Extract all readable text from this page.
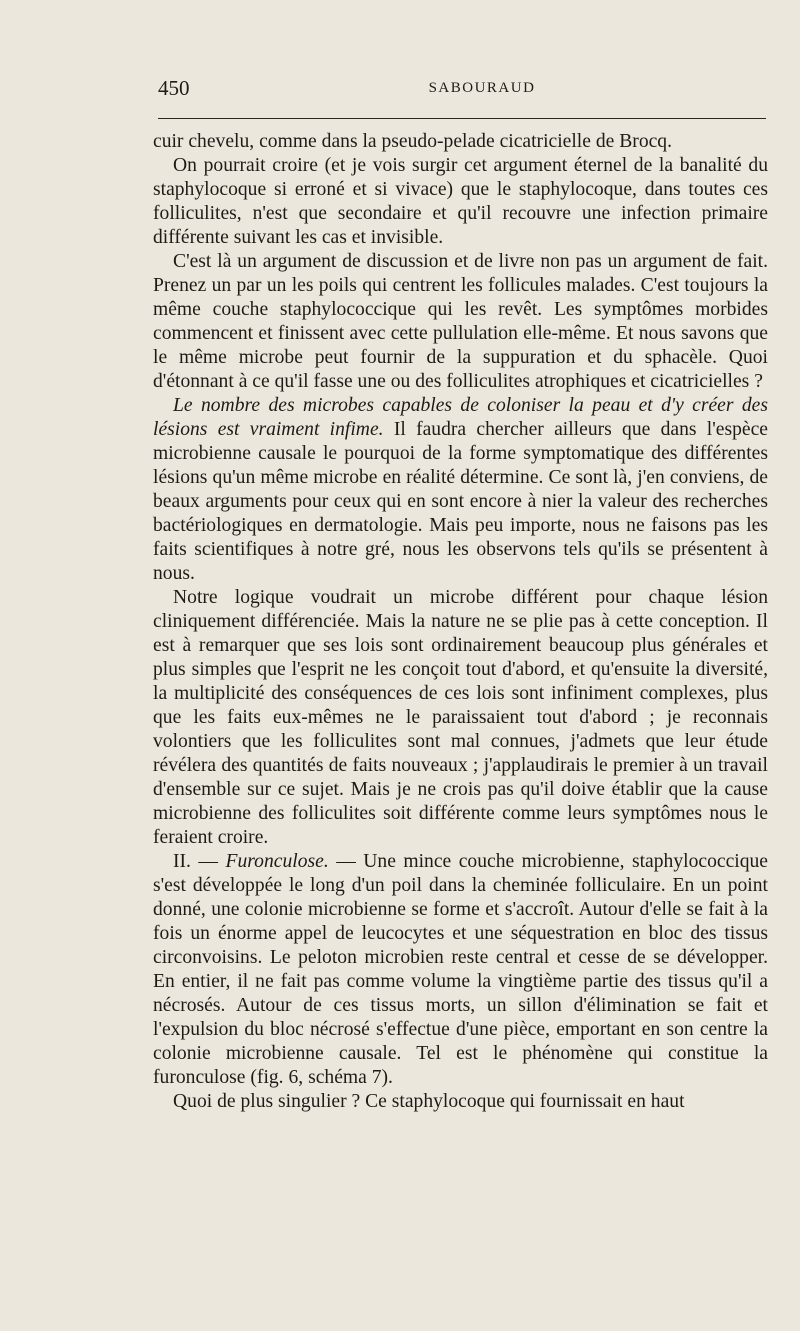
450	SABOURAUD

cuir chevelu, comme dans la pseudo-pelade cicatricielle de Brocq.

On pourrait croire (et je vois surgir cet argument éternel de la banalité du staphylocoque si erroné et si vivace) que le staphylocoque, dans toutes ces folliculites, n'est que secondaire et qu'il recouvre une infection primaire différente suivant les cas et invisible.

C'est là un argument de discussion et de livre non pas un argument de fait. Prenez un par un les poils qui centrent les follicules malades. C'est toujours la même couche staphylococcique qui les revêt. Les symptômes morbides commencent et finissent avec cette pullulation elle-même. Et nous savons que le même microbe peut fournir de la suppuration et du sphacèle. Quoi d'étonnant à ce qu'il fasse une ou des folliculites atrophiques et cicatricielles ?

Le nombre des microbes capables de coloniser la peau et d'y créer des lésions est vraiment infime. Il faudra chercher ailleurs que dans l'espèce microbienne causale le pourquoi de la forme symptomatique des différentes lésions qu'un même microbe en réalité détermine. Ce sont là, j'en conviens, de beaux arguments pour ceux qui en sont encore à nier la valeur des recherches bactériologiques en dermatologie. Mais peu importe, nous ne faisons pas les faits scientifiques à notre gré, nous les observons tels qu'ils se présentent à nous.

Notre logique voudrait un microbe différent pour chaque lésion cliniquement différenciée. Mais la nature ne se plie pas à cette conception. Il est à remarquer que ses lois sont ordinairement beaucoup plus générales et plus simples que l'esprit ne les conçoit tout d'abord, et qu'ensuite la diversité, la multiplicité des conséquences de ces lois sont infiniment complexes, plus que les faits eux-mêmes ne le paraissaient tout d'abord ; je reconnais volontiers que les folliculites sont mal connues, j'admets que leur étude révélera des quantités de faits nouveaux ; j'applaudirais le premier à un travail d'ensemble sur ce sujet. Mais je ne crois pas qu'il doive établir que la cause microbienne des folliculites soit différente comme leurs symptômes nous le feraient croire.

II. — Furonculose. — Une mince couche microbienne, staphylococcique s'est développée le long d'un poil dans la cheminée folliculaire. En un point donné, une colonie microbienne se forme et s'accroît. Autour d'elle se fait à la fois un énorme appel de leucocytes et une séquestration en bloc des tissus circonvoisins. Le peloton microbien reste central et cesse de se développer. En entier, il ne fait pas comme volume la vingtième partie des tissus qu'il a nécrosés. Autour de ces tissus morts, un sillon d'élimination se fait et l'expulsion du bloc nécrosé s'effectue d'une pièce, emportant en son centre la colonie microbienne causale. Tel est le phénomène qui constitue la furonculose (fig. 6, schéma 7).

Quoi de plus singulier ? Ce staphylocoque qui fournissait en haut
